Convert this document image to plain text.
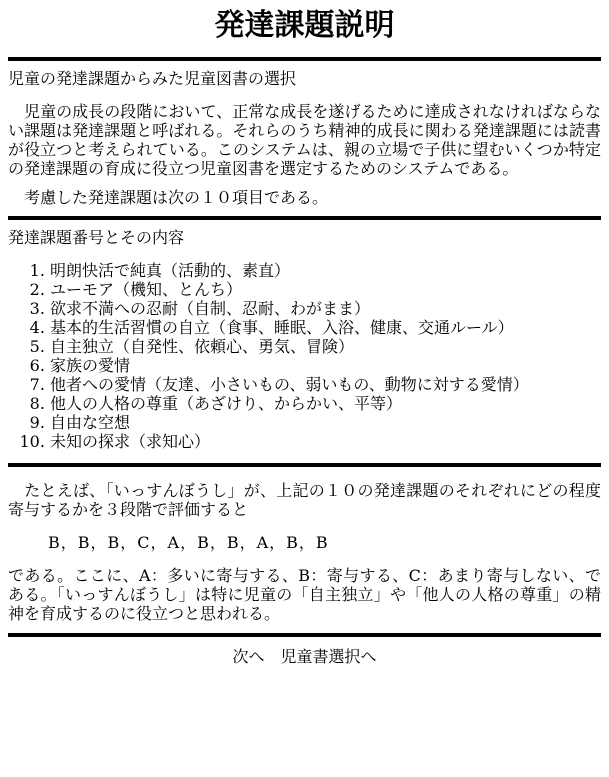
発達課題説明
児童の発達課題からみた児童図書の選択

　児童の成長の段階において、正常な成長を遂げるために達成されなければならない課題は発達課題と呼ばれる。それらのうち精神的成長に関わる発達課題には読書が役立つと考えられている。このシステムは、親の立場で子供に望むいくつか特定の発達課題の育成に役立つ児童図書を選定するためのシステムである。

　考慮した発達課題は次の１０項目である。

発達課題番号とその内容
1. 明朗快活で純真（活動的、素直）
2. ユーモア（機知、とんち）
3. 欲求不満への忍耐（自制、忍耐、わがまま）
4. 基本的生活習慣の自立（食事、睡眠、入浴、健康、交通ルール）
5. 自主独立（自発性、依頼心、勇気、冒険）
6. 家族の愛情
7. 他者への愛情（友達、小さいもの、弱いもの、動物に対する愛情）
8. 他人の人格の尊重（あざけり、からかい、平等）
9. 自由な空想
10. 未知の探求（求知心）

　たとえば、「いっすんぼうし」が、上記の１０の発達課題のそれぞれにどの程度寄与するかを３段階で評価すると

B，B，B，C，A，B，B，A，B，B

である。ここに、A：多いに寄与する、B：寄与する、C：あまり寄与しない、である。「いっすんぼうし」は特に児童の「自主独立」や「他人の人格の尊重」の精神を育成するのに役立つと思われる。

次へ　児童書選択へ
